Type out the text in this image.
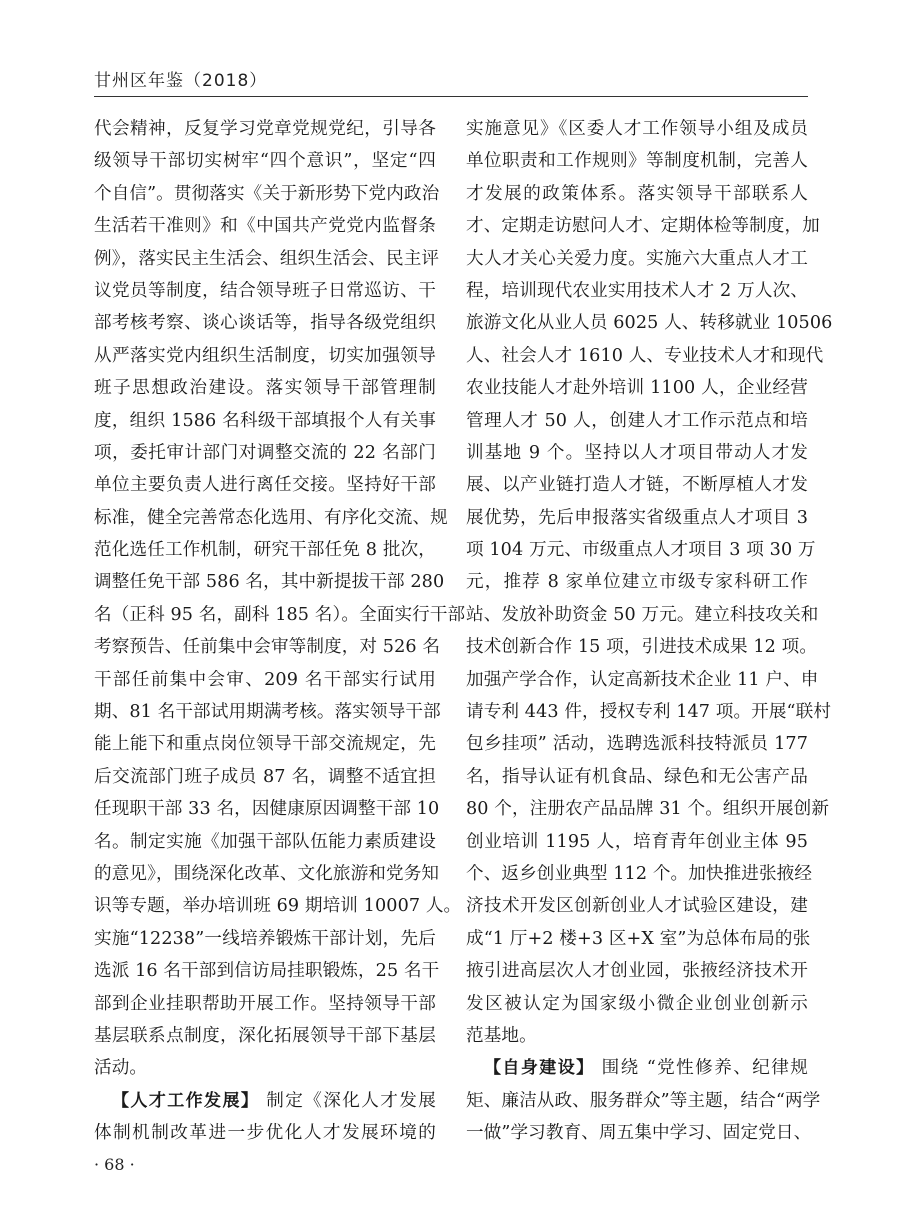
甘州区年鉴（2018）
代会精神，反复学习党章党规党纪，引导各
级领导干部切实树牢“四个意识”，坚定“四
个自信”。贯彻落实《关于新形势下党内政治
生活若干准则》和《中国共产党党内监督条
例》，落实民主生活会、组织生活会、民主评
议党员等制度，结合领导班子日常巡访、干
部考核考察、谈心谈话等，指导各级党组织
从严落实党内组织生活制度，切实加强领导
班子思想政治建设。落实领导干部管理制
度，组织 1586 名科级干部填报个人有关事
项，委托审计部门对调整交流的 22 名部门
单位主要负责人进行离任交接。坚持好干部
标准，健全完善常态化选用、有序化交流、规
范化选任工作机制，研究干部任免 8 批次，
调整任免干部 586 名，其中新提拔干部 280
名（正科 95 名，副科 185 名）。全面实行干部
考察预告、任前集中会审等制度，对 526 名
干部任前集中会审、209 名干部实行试用
期、81 名干部试用期满考核。落实领导干部
能上能下和重点岗位领导干部交流规定，先
后交流部门班子成员 87 名，调整不适宜担
任现职干部 33 名，因健康原因调整干部 10
名。制定实施《加强干部队伍能力素质建设
的意见》，围绕深化改革、文化旅游和党务知
识等专题，举办培训班 69 期培训 10007 人。
实施“12238”一线培养锻炼干部计划，先后
选派 16 名干部到信访局挂职锻炼，25 名干
部到企业挂职帮助开展工作。坚持领导干部
基层联系点制度，深化拓展领导干部下基层
活动。
【人才工作发展】 制定《深化人才发展
体制机制改革进一步优化人才发展环境的
实施意见》《区委人才工作领导小组及成员
单位职责和工作规则》等制度机制，完善人
才发展的政策体系。落实领导干部联系人
才、定期走访慰问人才、定期体检等制度，加
大人才关心关爱力度。实施六大重点人才工
程，培训现代农业实用技术人才 2 万人次、
旅游文化从业人员 6025 人、转移就业 10506
人、社会人才 1610 人、专业技术人才和现代
农业技能人才赴外培训 1100 人，企业经营
管理人才 50 人，创建人才工作示范点和培
训基地 9 个。坚持以人才项目带动人才发
展、以产业链打造人才链，不断厚植人才发
展优势，先后申报落实省级重点人才项目 3
项 104 万元、市级重点人才项目 3 项 30 万
元，推荐 8 家单位建立市级专家科研工作
站、发放补助资金 50 万元。建立科技攻关和
技术创新合作 15 项，引进技术成果 12 项。
加强产学合作，认定高新技术企业 11 户、申
请专利 443 件，授权专利 147 项。开展“联村
包乡挂项” 活动，选聘选派科技特派员 177
名，指导认证有机食品、绿色和无公害产品
80 个，注册农产品品牌 31 个。组织开展创新
创业培训 1195 人，培育青年创业主体 95
个、返乡创业典型 112 个。加快推进张掖经
济技术开发区创新创业人才试验区建设，建
成“1 厅+2 楼+3 区+X 室”为总体布局的张
掖引进高层次人才创业园，张掖经济技术开
发区被认定为国家级小微企业创业创新示
范基地。
【自身建设】 围绕 “党性修养、纪律规
矩、廉洁从政、服务群众”等主题，结合“两学
一做”学习教育、周五集中学习、固定党日、
· 68 ·
